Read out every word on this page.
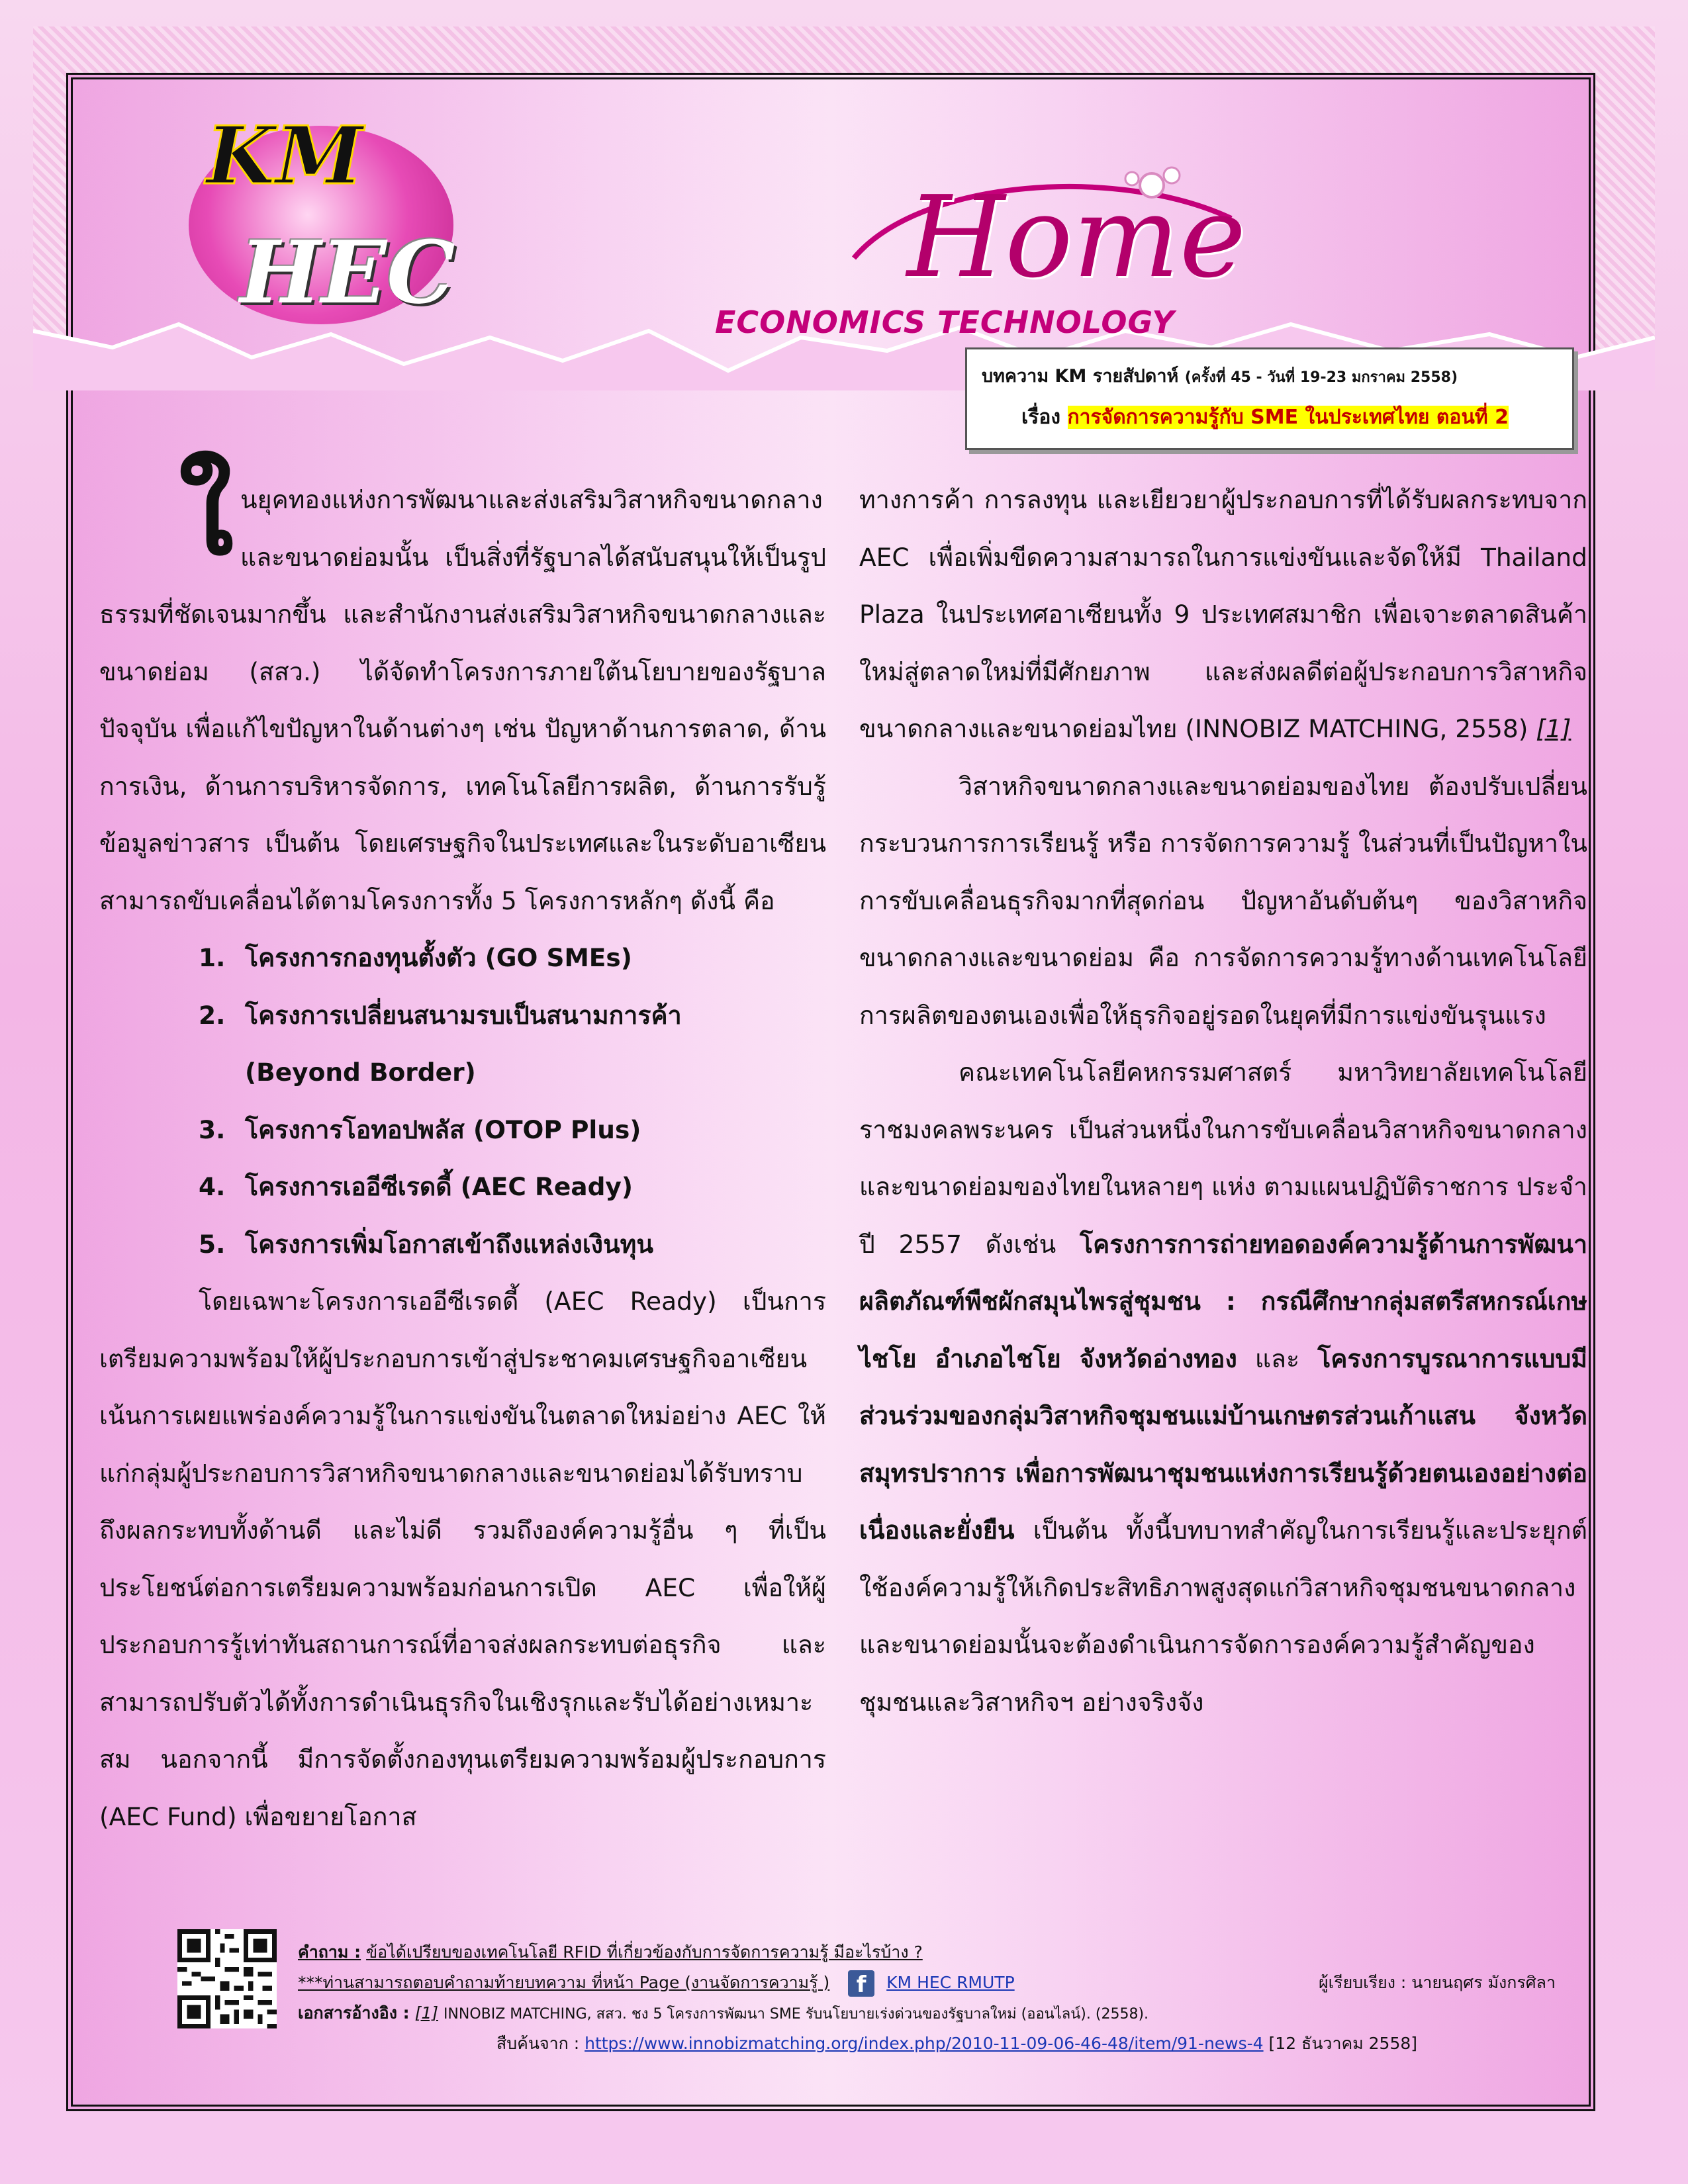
KM
HEC	Home
ECONOMICS TECHNOLOGY
บทความ KM รายสัปดาห์ (ครั้งที่ 45 - วันที่ 19-23 มกราคม 2558)
เรื่อง การจัดการความรู้กับ SME ในประเทศไทย ตอนที่ 2

ในยุคทองแห่งการพัฒนาและส่งเสริมวิสาหกิจขนาดกลางและขนาดย่อมนั้น เป็นสิ่งที่รัฐบาลได้สนับสนุนให้เป็นรูปธรรมที่ชัดเจนมากขึ้น และสำนักงานส่งเสริมวิสาหกิจขนาดกลางและขนาดย่อม (สสว.) ได้จัดทำโครงการภายใต้นโยบายของรัฐบาลปัจจุบัน เพื่อแก้ไขปัญหาในด้านต่างๆ เช่น ปัญหาด้านการตลาด, ด้านการเงิน, ด้านการบริหารจัดการ, เทคโนโลยีการผลิต, ด้านการรับรู้ข้อมูลข่าวสาร เป็นต้น โดยเศรษฐกิจในประเทศและในระดับอาเซียนสามารถขับเคลื่อนได้ตามโครงการทั้ง 5 โครงการหลักๆ ดังนี้ คือ

1. โครงการกองทุนตั้งตัว (GO SMEs)

2. โครงการเปลี่ยนสนามรบเป็นสนามการค้า

(Beyond Border)

3. โครงการโอทอปพลัส (OTOP Plus)

4. โครงการเออีซีเรดดี้ (AEC Ready)

5. โครงการเพิ่มโอกาสเข้าถึงแหล่งเงินทุน

โดยเฉพาะโครงการเออีซีเรดดี้ (AEC Ready) เป็นการเตรียมความพร้อมให้ผู้ประกอบการเข้าสู่ประชาคมเศรษฐกิจอาเซียน เน้นการเผยแพร่องค์ความรู้ในการแข่งขันในตลาดใหม่อย่าง AEC ให้แก่กลุ่มผู้ประกอบการวิสาหกิจขนาดกลางและขนาดย่อมได้รับทราบถึงผลกระทบทั้งด้านดี และไม่ดี รวมถึงองค์ความรู้อื่น ๆ ที่เป็นประโยชน์ต่อการเตรียมความพร้อมก่อนการเปิด AEC เพื่อให้ผู้ประกอบการรู้เท่าทันสถานการณ์ที่อาจส่งผลกระทบต่อธุรกิจ และสามารถปรับตัวได้ทั้งการดำเนินธุรกิจในเชิงรุกและรับได้อย่างเหมาะสม นอกจากนี้ มีการจัดตั้งกองทุนเตรียมความพร้อมผู้ประกอบการ (AEC Fund) เพื่อขยายโอกาส

ทางการค้า การลงทุน และเยียวยาผู้ประกอบการที่ได้รับผลกระทบจาก AEC เพื่อเพิ่มขีดความสามารถในการแข่งขันและจัดให้มี Thailand Plaza ในประเทศอาเซียนทั้ง 9 ประเทศสมาชิก เพื่อเจาะตลาดสินค้าใหม่สู่ตลาดใหม่ที่มีศักยภาพ และส่งผลดีต่อผู้ประกอบการวิสาหกิจขนาดกลางและขนาดย่อมไทย (INNOBIZ MATCHING, 2558) [1]

วิสาหกิจขนาดกลางและขนาดย่อมของไทย ต้องปรับเปลี่ยนกระบวนการการเรียนรู้ หรือ การจัดการความรู้ ในส่วนที่เป็นปัญหาในการขับเคลื่อนธุรกิจมากที่สุดก่อน ปัญหาอันดับต้นๆ ของวิสาหกิจขนาดกลางและขนาดย่อม คือ การจัดการความรู้ทางด้านเทคโนโลยีการผลิตของตนเองเพื่อให้ธุรกิจอยู่รอดในยุคที่มีการแข่งขันรุนแรง

คณะเทคโนโลยีคหกรรมศาสตร์ มหาวิทยาลัยเทคโนโลยีราชมงคลพระนคร เป็นส่วนหนึ่งในการขับเคลื่อนวิสาหกิจขนาดกลางและขนาดย่อมของไทยในหลายๆ แห่ง ตามแผนปฏิบัติราชการ ประจำปี 2557 ดังเช่น โครงการการถ่ายทอดองค์ความรู้ด้านการพัฒนาผลิตภัณฑ์พืชผักสมุนไพรสู่ชุมชน : กรณีศึกษากลุ่มสตรีสหกรณ์เกษไชโย อำเภอไชโย จังหวัดอ่างทอง และ โครงการบูรณาการแบบมีส่วนร่วมของกลุ่มวิสาหกิจชุมชนแม่บ้านเกษตรส่วนเก้าแสน จังหวัดสมุทรปราการ เพื่อการพัฒนาชุมชนแห่งการเรียนรู้ด้วยตนเองอย่างต่อเนื่องและยั่งยืน เป็นต้น ทั้งนี้บทบาทสำคัญในการเรียนรู้และประยุกต์ใช้องค์ความรู้ให้เกิดประสิทธิภาพสูงสุดแก่วิสาหกิจชุมชนขนาดกลางและขนาดย่อมนั้นจะต้องดำเนินการจัดการองค์ความรู้สำคัญของชุมชนและวิสาหกิจฯ อย่างจริงจัง

คำถาม : ข้อได้เปรียบของเทคโนโลยี RFID ที่เกี่ยวข้องกับการจัดการความรู้ มีอะไรบ้าง ?
***ท่านสามารถตอบคำถามท้ายบทความ ที่หน้า Page (งานจัดการความรู้ ) f KM HEC RMUTP	ผู้เรียบเรียง : นายนฤศร มังกรศิลา
เอกสารอ้างอิง : [1] INNOBIZ MATCHING, สสว. ชง 5 โครงการพัฒนา SME รับนโยบายเร่งด่วนของรัฐบาลใหม่ (ออนไลน์). (2558).
สืบค้นจาก : https://www.innobizmatching.org/index.php/2010-11-09-06-46-48/item/91-news-4 [12 ธันวาคม 2558]
